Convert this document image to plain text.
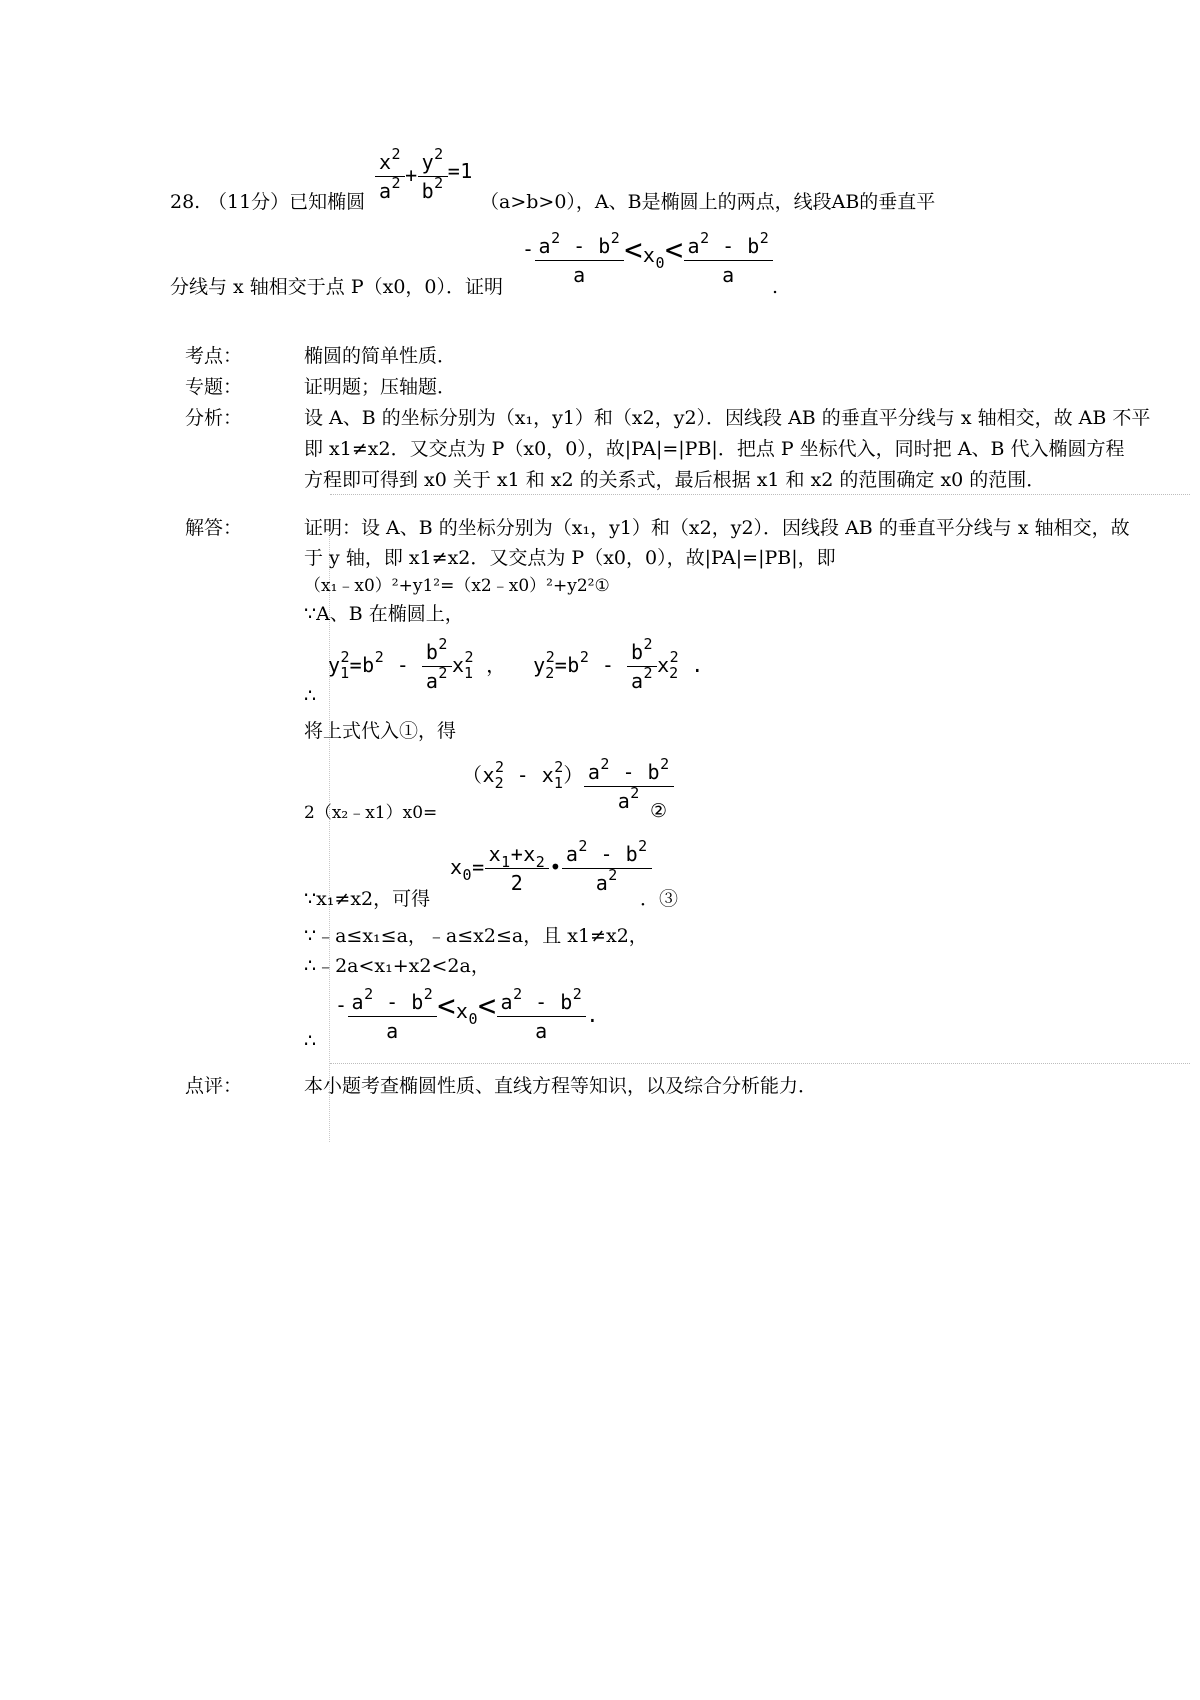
28. （11分）已知椭圆 $\frac{x^2}{a^2} + \frac{y^2}{b^2} =1$
（a>b>0），A、B是椭圆上的两点，线段AB的垂直平
分线与 x 轴相交于点 P（x0，0）．证明
- $\frac{a^2 - b^2}{a} <x_0< \frac{a^2 - b^2}{a}$
.
考点：	椭圆的简单性质．
专题：	证明题；压轴题．
分析：	设 A、B 的坐标分别为（x₁，y1）和（x2，y2）．因线段 AB 的垂直平分线与 x 轴相交，故 AB 不平
即 x1≠x2．又交点为 P（x0，0），故|PA|=|PB|．把点 P 坐标代入，同时把 A、B 代入椭圆方程
方程即可得到 x0 关于 x1 和 x2 的关系式，最后根据 x1 和 x2 的范围确定 x0 的范围．
解答：	证明：设 A、B 的坐标分别为（x₁，y1）和（x2，y2）．因线段 AB 的垂直平分线与 x 轴相交，故
于 y 轴，即 x1≠x2．又交点为 P（x0，0），故|PA|=|PB|，即
（x₁﹣x0）²+y1²=（x2﹣x0）²+y2²①
∵A、B 在椭圆上，
∴
$y^2_1=b^2 - \frac{b^2}{a^2} x^2_1$ ， $y^2_2=b^2 - \frac{b^2}{a^2} x^2_2$ .
将上式代入①，得
2（x₂﹣x1）x0=
$(x^2_2 - x^2_1) \frac{a^2 - b^2}{a^2}$
②
∵x₁≠x2，可得
$x_0= \frac{x_1+x_2}{2}$ • $\frac{a^2 - b^2}{a^2}$
．③
∵﹣a≤x₁≤a，﹣a≤x2≤a，且 x1≠x2，
∴﹣2a<x₁+x2<2a，
∴
- $\frac{a^2 - b^2}{a} <x_0< \frac{a^2 - b^2}{a}$ .
点评：	本小题考查椭圆性质、直线方程等知识，以及综合分析能力．
